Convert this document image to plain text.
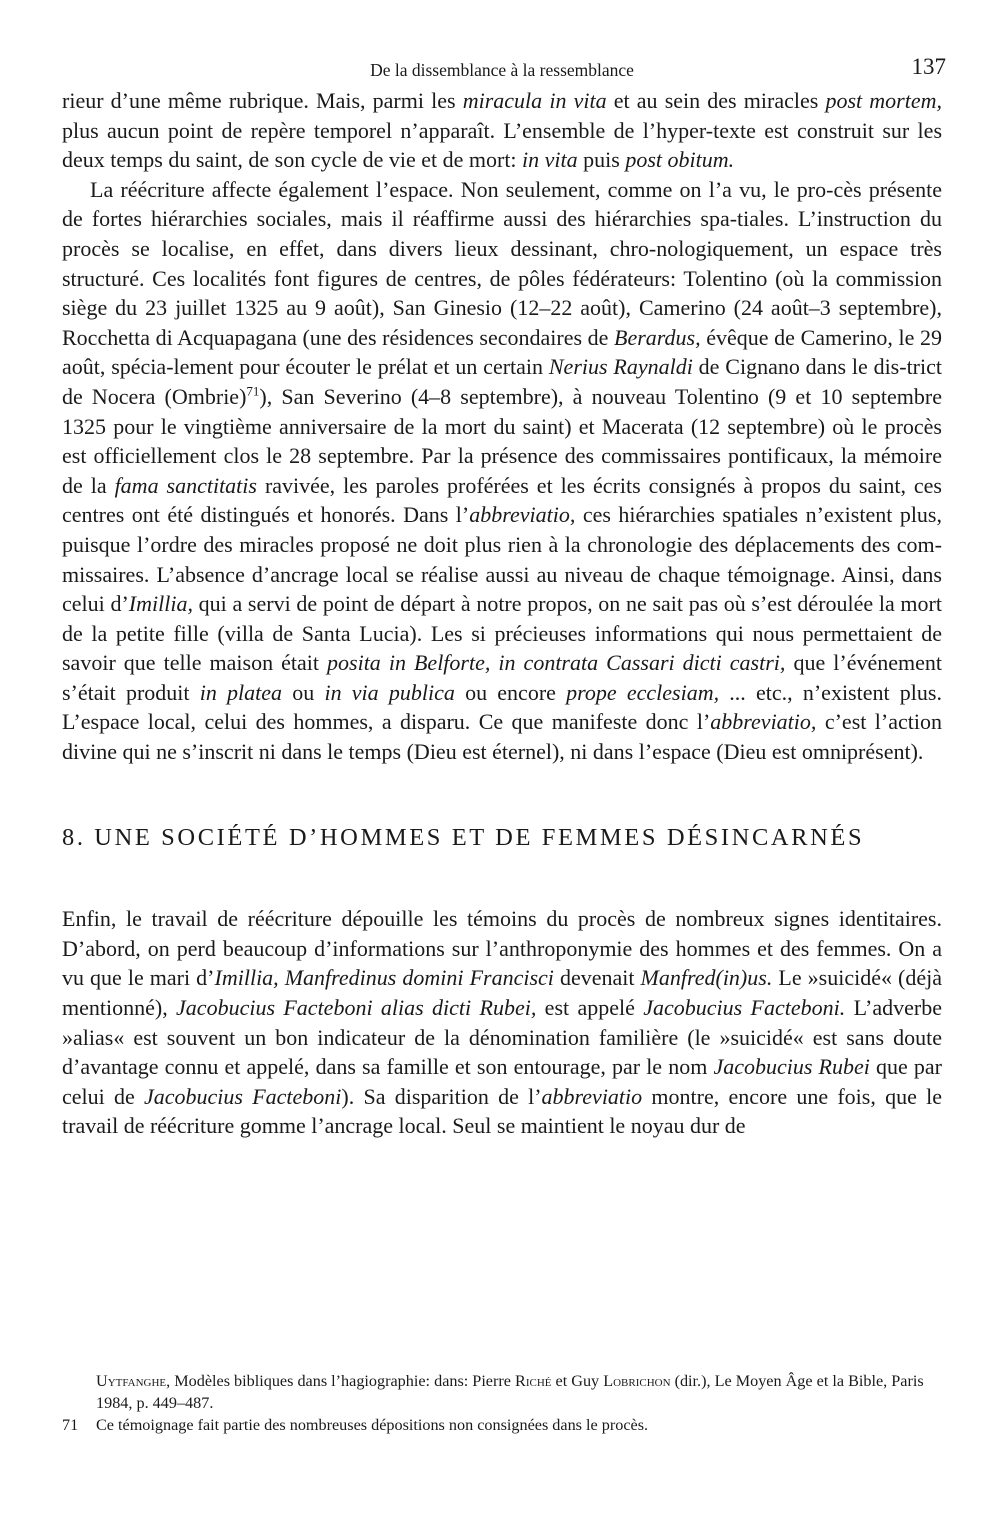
De la dissemblance à la ressemblance	137

rieur d’une même rubrique. Mais, parmi les miracula in vita et au sein des miracles post mortem, plus aucun point de repère temporel n’apparaît. L’ensemble de l’hyper-texte est construit sur les deux temps du saint, de son cycle de vie et de mort: in vita puis post obitum.

La réécriture affecte également l’espace. Non seulement, comme on l’a vu, le pro-cès présente de fortes hiérarchies sociales, mais il réaffirme aussi des hiérarchies spa-tiales. L’instruction du procès se localise, en effet, dans divers lieux dessinant, chro-nologiquement, un espace très structuré. Ces localités font figures de centres, de pôles fédérateurs: Tolentino (où la commission siège du 23 juillet 1325 au 9 août), San Ginesio (12–22 août), Camerino (24 août–3 septembre), Rocchetta di Acquapagana (une des résidences secondaires de Berardus, évêque de Camerino, le 29 août, spécia-lement pour écouter le prélat et un certain Nerius Raynaldi de Cignano dans le dis-trict de Nocera (Ombrie)$^{71}$), San Severino (4–8 septembre), à nouveau Tolentino (9 et 10 septembre 1325 pour le vingtième anniversaire de la mort du saint) et Macerata (12 septembre) où le procès est officiellement clos le 28 septembre. Par la présence des commissaires pontificaux, la mémoire de la fama sanctitatis ravivée, les paroles proférées et les écrits consignés à propos du saint, ces centres ont été distingués et honorés. Dans l’abbreviatio, ces hiérarchies spatiales n’existent plus, puisque l’ordre des miracles proposé ne doit plus rien à la chronologie des déplacements des com-missaires. L’absence d’ancrage local se réalise aussi au niveau de chaque témoignage. Ainsi, dans celui d’Imillia, qui a servi de point de départ à notre propos, on ne sait pas où s’est déroulée la mort de la petite fille (villa de Santa Lucia). Les si précieuses informations qui nous permettaient de savoir que telle maison était posita in Belforte, in contrata Cassari dicti castri, que l’événement s’était produit in platea ou in via publica ou encore prope ecclesiam, ... etc., n’existent plus. L’espace local, celui des hommes, a disparu. Ce que manifeste donc l’abbreviatio, c’est l’action divine qui ne s’inscrit ni dans le temps (Dieu est éternel), ni dans l’espace (Dieu est omniprésent).

8. UNE SOCIÉTÉ D’HOMMES ET DE FEMMES DÉSINCARNÉS

Enfin, le travail de réécriture dépouille les témoins du procès de nombreux signes identitaires. D’abord, on perd beaucoup d’informations sur l’anthroponymie des hommes et des femmes. On a vu que le mari d’Imillia, Manfredinus domini Francisci devenait Manfred(in)us. Le »suicidé« (déjà mentionné), Jacobucius Facteboni alias dicti Rubei, est appelé Jacobucius Facteboni. L’adverbe »alias« est souvent un bon indicateur de la dénomination familière (le »suicidé« est sans doute d’avantage connu et appelé, dans sa famille et son entourage, par le nom Jacobucius Rubei que par celui de Jacobucius Facteboni). Sa disparition de l’abbreviatio montre, encore une fois, que le travail de réécriture gomme l’ancrage local. Seul se maintient le noyau dur de

Uytfanghe, Modèles bibliques dans l’hagiographie: dans: Pierre Riché et Guy Lobrichon (dir.), Le Moyen Âge et la Bible, Paris 1984, p. 449–487.
71	Ce témoignage fait partie des nombreuses dépositions non consignées dans le procès.
